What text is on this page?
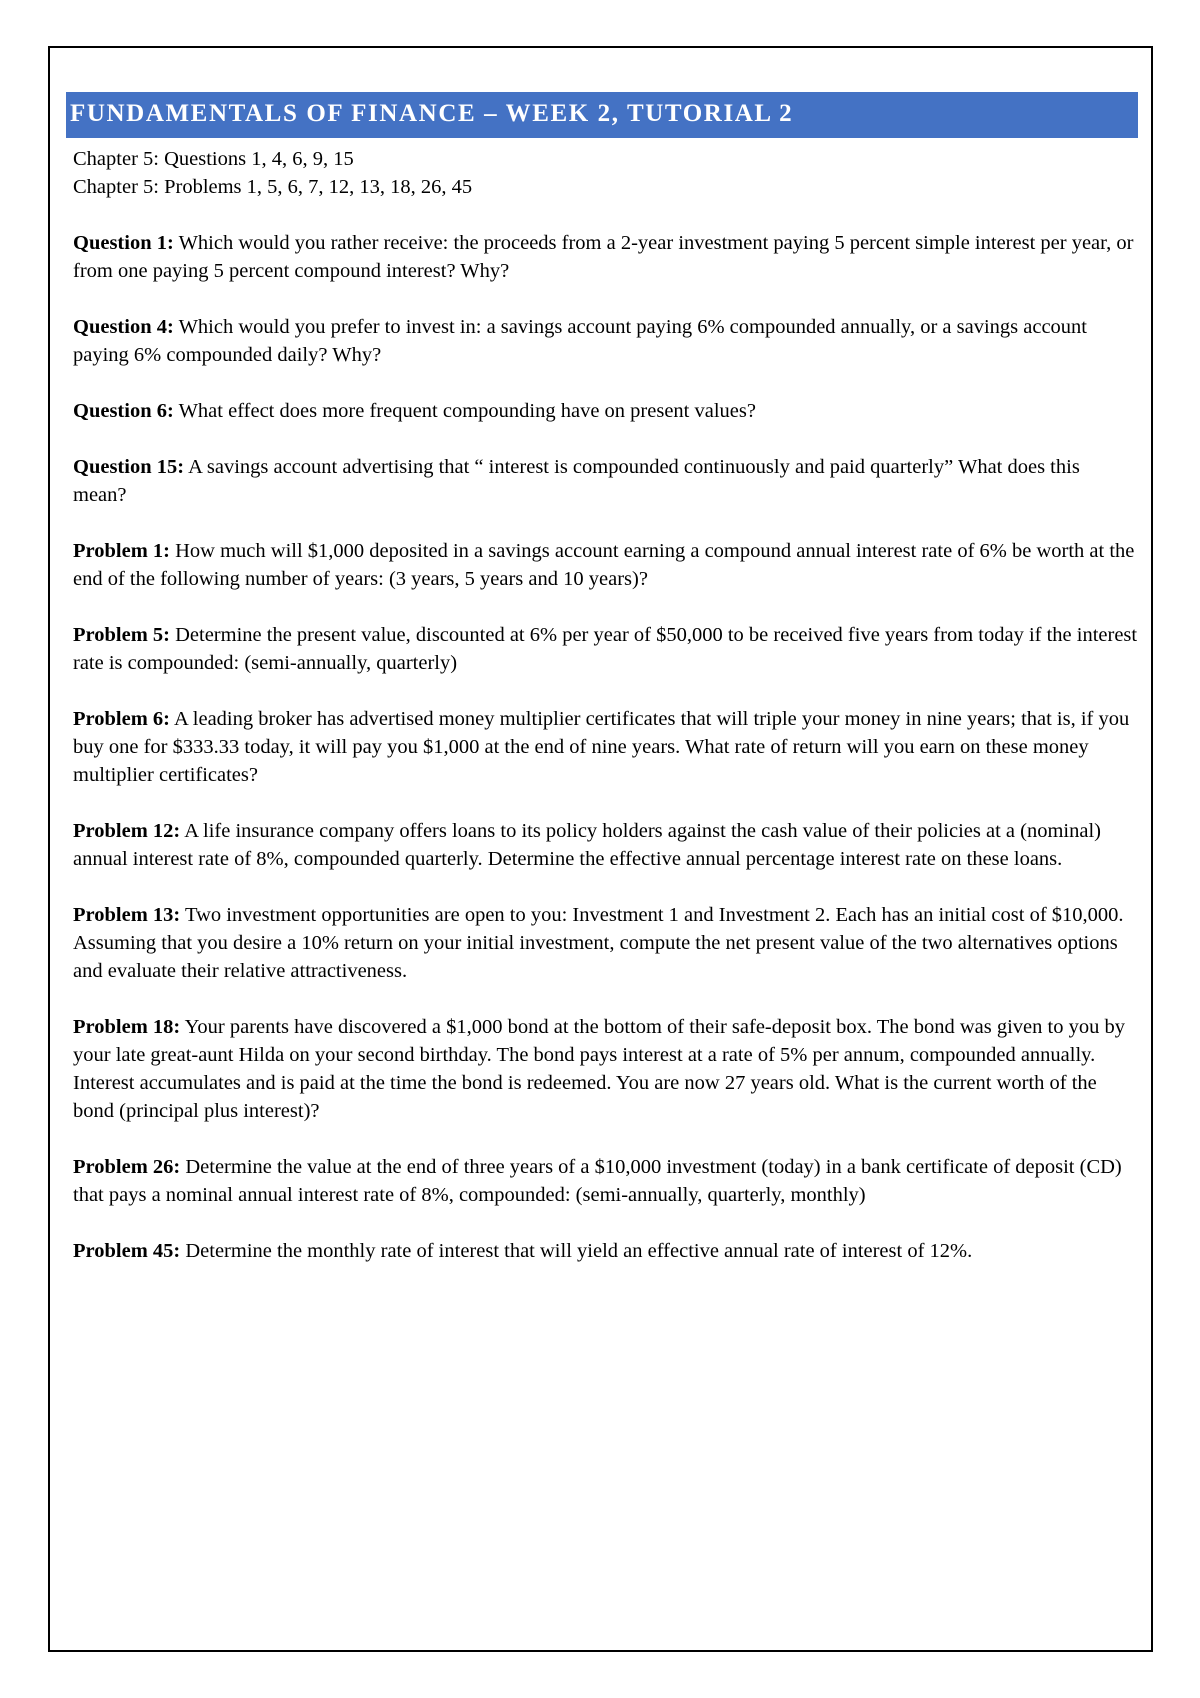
FUNDAMENTALS OF FINANCE – WEEK 2, TUTORIAL 2
Chapter 5: Questions 1, 4, 6, 9, 15
Chapter 5: Problems 1, 5, 6, 7, 12, 13, 18, 26, 45

Question 1: Which would you rather receive: the proceeds from a 2-year investment paying 5 percent simple interest per year, or from one paying 5 percent compound interest? Why?

Question 4: Which would you prefer to invest in: a savings account paying 6% compounded annually, or a savings account paying 6% compounded daily? Why?

Question 6: What effect does more frequent compounding have on present values?

Question 15: A savings account advertising that “ interest is compounded continuously and paid quarterly” What does this mean?

Problem 1: How much will $1,000 deposited in a savings account earning a compound annual interest rate of 6% be worth at the end of the following number of years: (3 years, 5 years and 10 years)?

Problem 5: Determine the present value, discounted at 6% per year of $50,000 to be received five years from today if the interest rate is compounded: (semi-annually, quarterly)

Problem 6: A leading broker has advertised money multiplier certificates that will triple your money in nine years; that is, if you buy one for $333.33 today, it will pay you $1,000 at the end of nine years. What rate of return will you earn on these money multiplier certificates?

Problem 12: A life insurance company offers loans to its policy holders against the cash value of their policies at a (nominal) annual interest rate of 8%, compounded quarterly. Determine the effective annual percentage interest rate on these loans.

Problem 13: Two investment opportunities are open to you: Investment 1 and Investment 2. Each has an initial cost of $10,000. Assuming that you desire a 10% return on your initial investment, compute the net present value of the two alternatives options and evaluate their relative attractiveness.

Problem 18: Your parents have discovered a $1,000 bond at the bottom of their safe-deposit box. The bond was given to you by your late great-aunt Hilda on your second birthday. The bond pays interest at a rate of 5% per annum, compounded annually. Interest accumulates and is paid at the time the bond is redeemed. You are now 27 years old. What is the current worth of the bond (principal plus interest)?

Problem 26: Determine the value at the end of three years of a $10,000 investment (today) in a bank certificate of deposit (CD) that pays a nominal annual interest rate of 8%, compounded: (semi-annually, quarterly, monthly)

Problem 45: Determine the monthly rate of interest that will yield an effective annual rate of interest of 12%.
